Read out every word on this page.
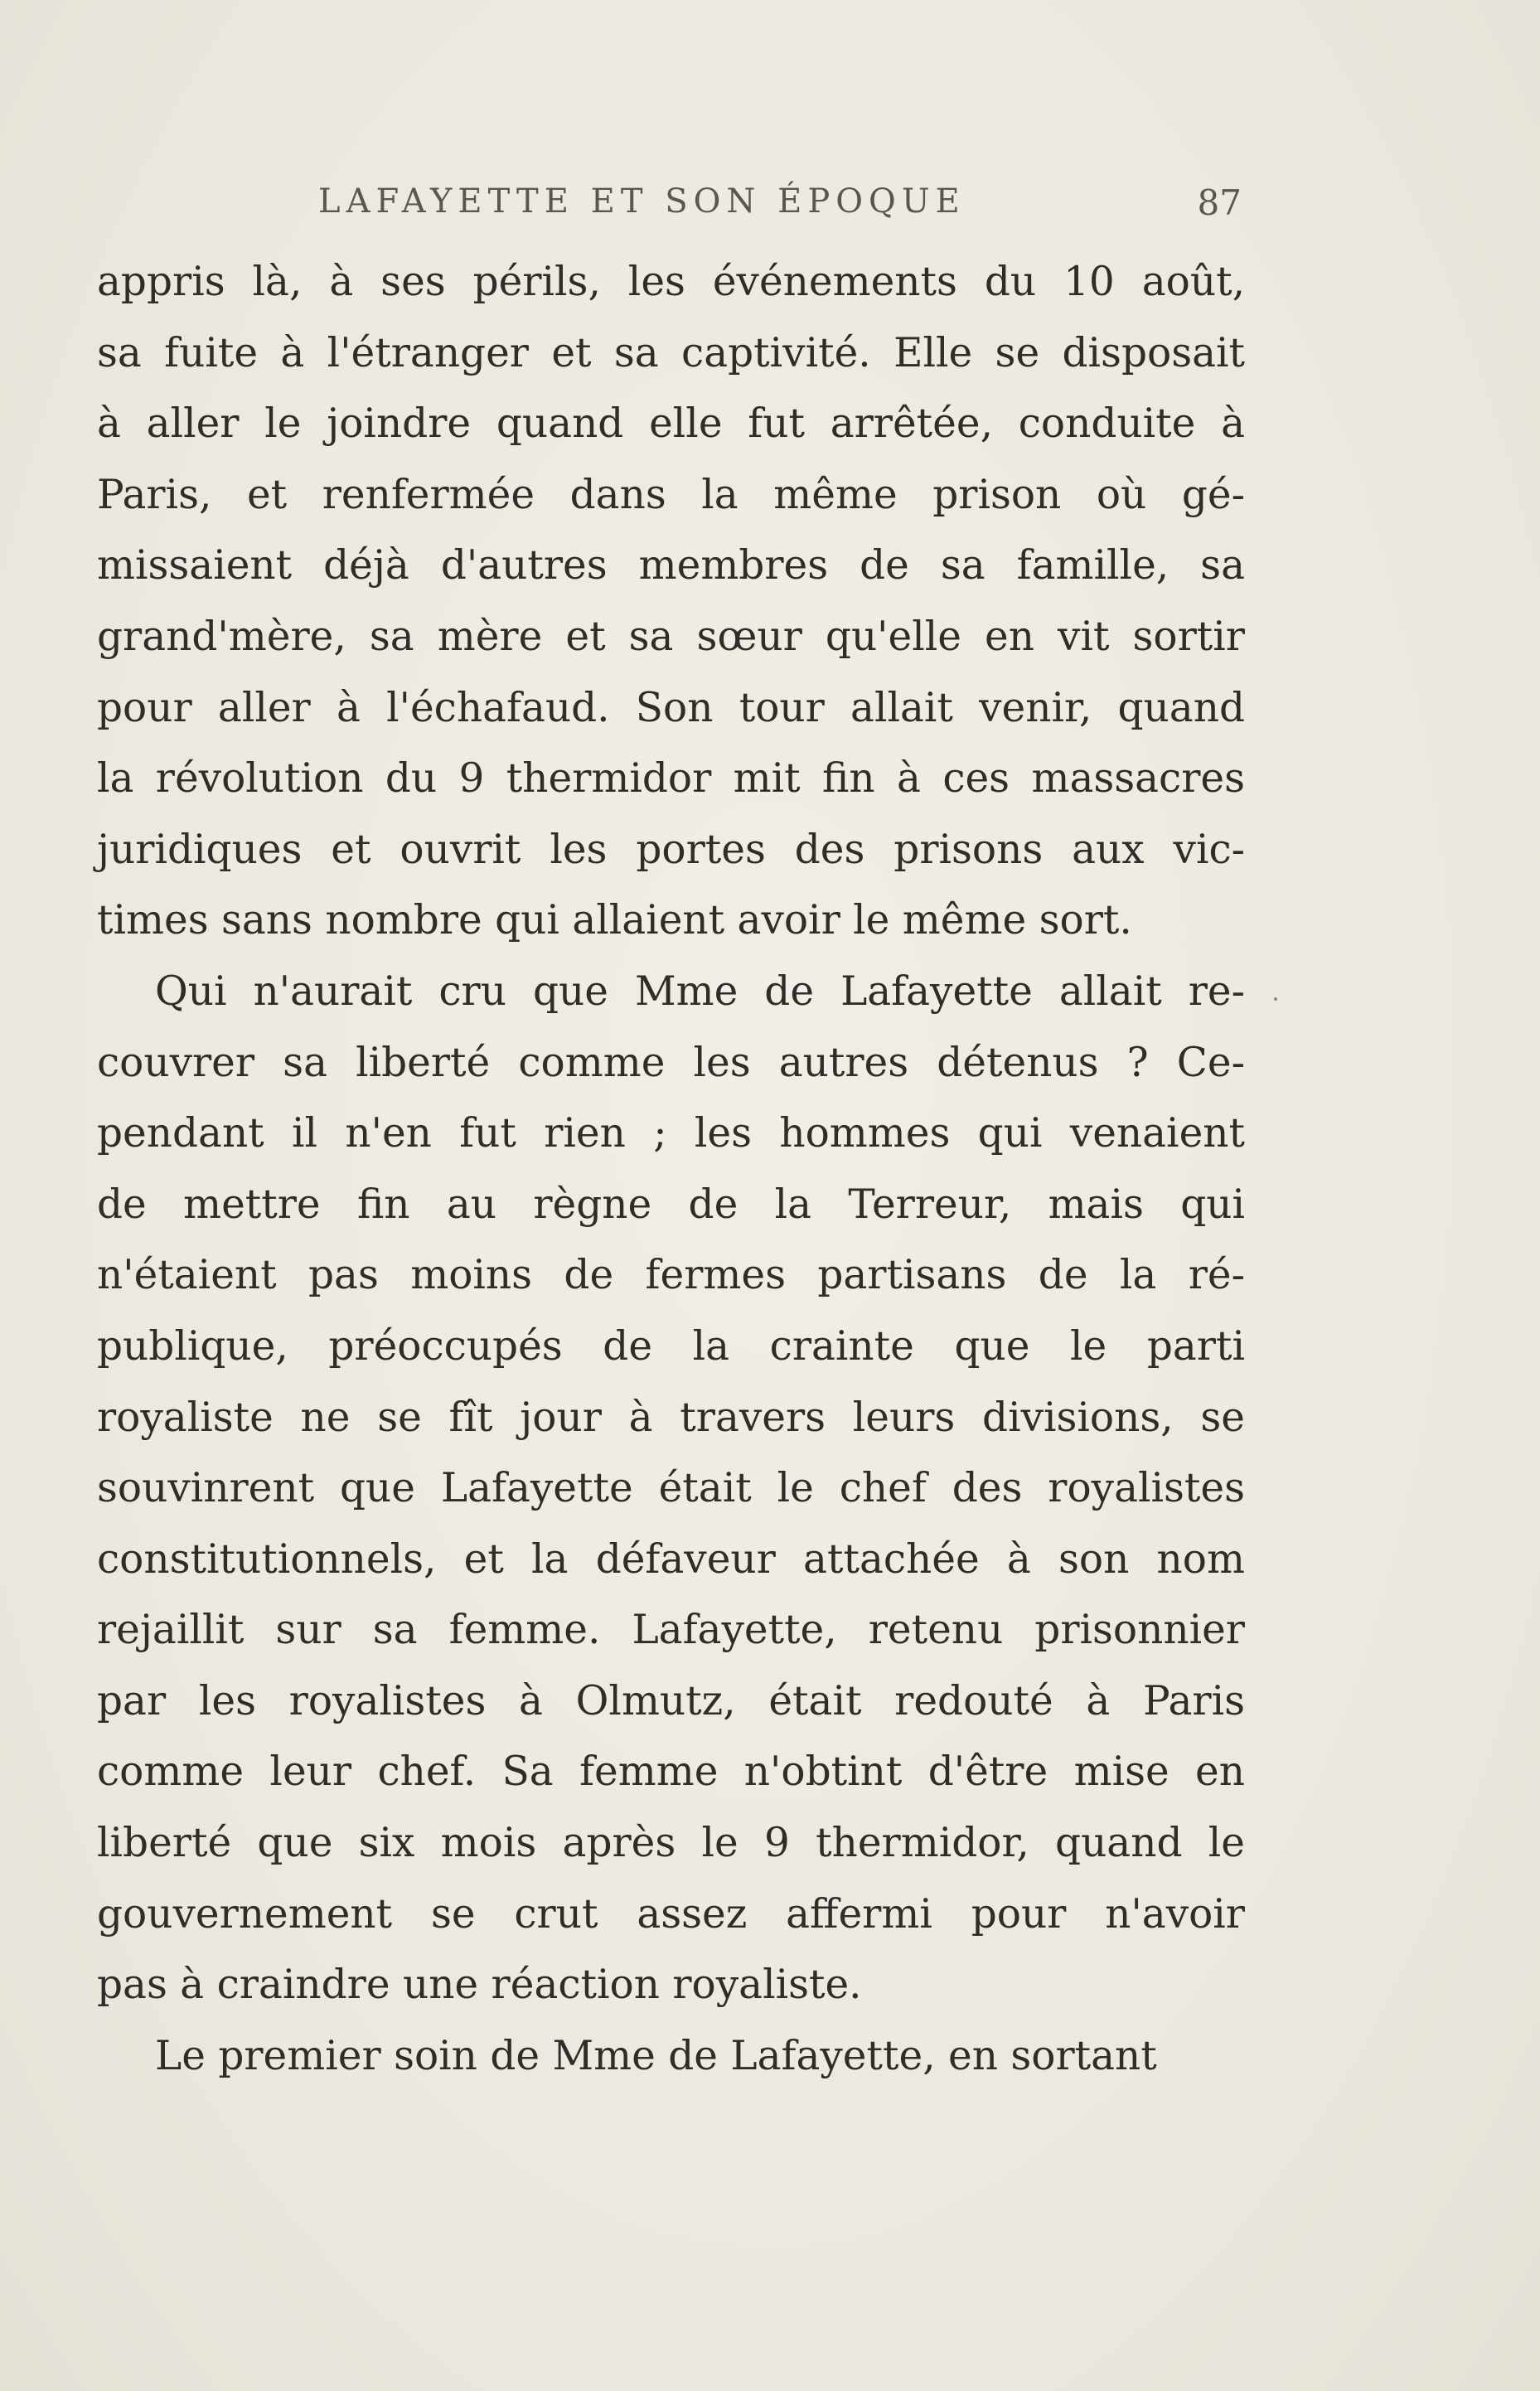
LAFAYETTE ET SON ÉPOQUE	87
appris là, à ses périls, les événements du 10 août,
sa fuite à l'étranger et sa captivité. Elle se disposait
à aller le joindre quand elle fut arrêtée, conduite à
Paris, et renfermée dans la même prison où gé-
missaient déjà d'autres membres de sa famille, sa
grand'mère, sa mère et sa sœur qu'elle en vit sortir
pour aller à l'échafaud. Son tour allait venir, quand
la révolution du 9 thermidor mit fin à ces massacres
juridiques et ouvrit les portes des prisons aux vic-
times sans nombre qui allaient avoir le même sort.
Qui n'aurait cru que Mme de Lafayette allait re-
couvrer sa liberté comme les autres détenus ? Ce-
pendant il n'en fut rien ; les hommes qui venaient
de mettre fin au règne de la Terreur, mais qui
n'étaient pas moins de fermes partisans de la ré-
publique, préoccupés de la crainte que le parti
royaliste ne se fît jour à travers leurs divisions, se
souvinrent que Lafayette était le chef des royalistes
constitutionnels, et la défaveur attachée à son nom
rejaillit sur sa femme. Lafayette, retenu prisonnier
par les royalistes à Olmutz, était redouté à Paris
comme leur chef. Sa femme n'obtint d'être mise en
liberté que six mois après le 9 thermidor, quand le
gouvernement se crut assez affermi pour n'avoir
pas à craindre une réaction royaliste.
Le premier soin de Mme de Lafayette, en sortant
